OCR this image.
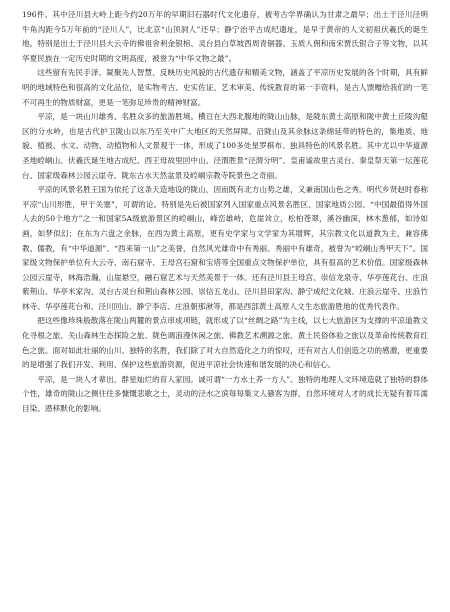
196件。其中泾川县大岭上距今约20万年的早期旧石器时代文化遗存，被考古学界确认为甘肃之最早；出土于泾川泾明牛角沟距今5万年前的“泾川人”，比北京“山顶洞人”还早；静宁治平古成纪遗址，是早于黄帝的人文初祖伏羲氏的诞生地。特别是出土于泾川县大云寺的佛祖舍利金银棺、灵台县白草坡西周青铜器、玉质人佣和南宋贾氏银合子等文物，以其华夏民族在一定历史时期的文明高度，被誉为“中华文物之最”。

这些留有先民手泽、凝聚先人智慧、反映历史风貌的古代遗存和精美文物，涵盖了平凉历史发展的各个时期，具有鲜明的地域特色和很高的文化品位，是实物考古、史实佐证、艺术审美、传统教育的第一手资料，是古人馈赠给我们的一笔不可再生的物质财富，更是一笔弥足珍贵的精神财富。

平凉，是一块山川雄秀、名胜众多的旅游胜境。横亘在大西北腹地的陇山山脉，是陇东黄土高原和陇中黄土丘陵沟壑区的分水岭，也是古代护卫陇山以东乃至关中广大地区的天然屏障。沿陇山及其余脉这条绵延带的特色的，集地质、地貌、植被、水文、动物、动植物和人文景观于一体，形成了100多处星罗棋布、独具特色的风景名胜。其中尤以中华道源圣地崆峒山、伏羲氏诞生地古成纪、西王母故里回中山、泾渭胜景“泾渭分明”、皇甫谧故里古灵台、秦皇祭天第一坛莲花台、国家级森林公园云崖寺、陇东古水天然盆景及崆峒宗教寺院景色之奇丽。

平凉的风景名胜王国为依托了这条天造地设的陇山，因而既有北方山势之雄，又兼南国山色之秀。明代乡贤赵时春称平凉“山川形胜，甲于关塞”，可谓的论。特别是先后被国家列入国家重点风景名胜区、国家地质公园、“中国最值得外国人去的50个地方”之一和国家5A级旅游景区的崆峒山，峰峦雄峙，危崖耸立，松柏苍翠，溪谷幽深，林木葱郁，如诗如画，如梦似幻；在东为六盘之余脉，在西为黄土高原，更有史学家与文学家为其增辉，其宗教文化以道教为主，兼容佛教、儒教，有“中华道源”、“西来第一山”之美誉，自然风光雄奇中有秀丽、秀丽中有雄奇，被誉为“崆峒山秀甲天下”。国家级文物保护单位有大云寺、南石窟寺、王母宫石窟和宝塔等全国重点文物保护单位，具有很高的艺术价值。国家级森林公园云崖寺，林海浩瀚，山崖悬空，融石窟艺术与天然美景于一体。还有泾川县王母宫、崇信龙泉寺、华亭莲花台、庄浪紫荆山、华亭米家沟、灵台古灵台和荆山森林公园、崇信五龙山、泾川县田家沟、静宁成纪文化城、庄浪云崖寺、庄浪竹林寺、华亭莲花台和、泾川回山、静宁李店、庄浪朝那湫等，都是西部黄土高原人文生态旅游胜地的优秀代表作。

把这些像珍珠般散落在陇山两麓的景点串成项链，就形成了以“丝绸之路”为主线，以七大旅游区为支撑的平凉道教文化寻根之旅、关山森林生态探险之旅、陇色调浪漫休闲之旅、佛教艺术溯源之旅、黄土民俗体验之旅以及革命传统教育红色之旅。面对如此壮丽的山川、独特的名胜，我们除了对大自然造化之力的惊叹，还有对古人们创造之功的感激，更重要的是增强了我们开发、利用、保护这些旅游资源，促进平凉社会快速和谐发展的决心和信心。

平凉，是一块人才辈出、群星灿烂的育人家园。诚可谓“一方水土养一方人”。独特的地理人文环境造就了独特的群体个性，雄奇的陇山之侧往往多慷慨悲歌之士，灵动的泾水之滨每每集文人骚客为群，自然环境对人才的成长无疑有着耳濡目染、潜移默化的影响。
